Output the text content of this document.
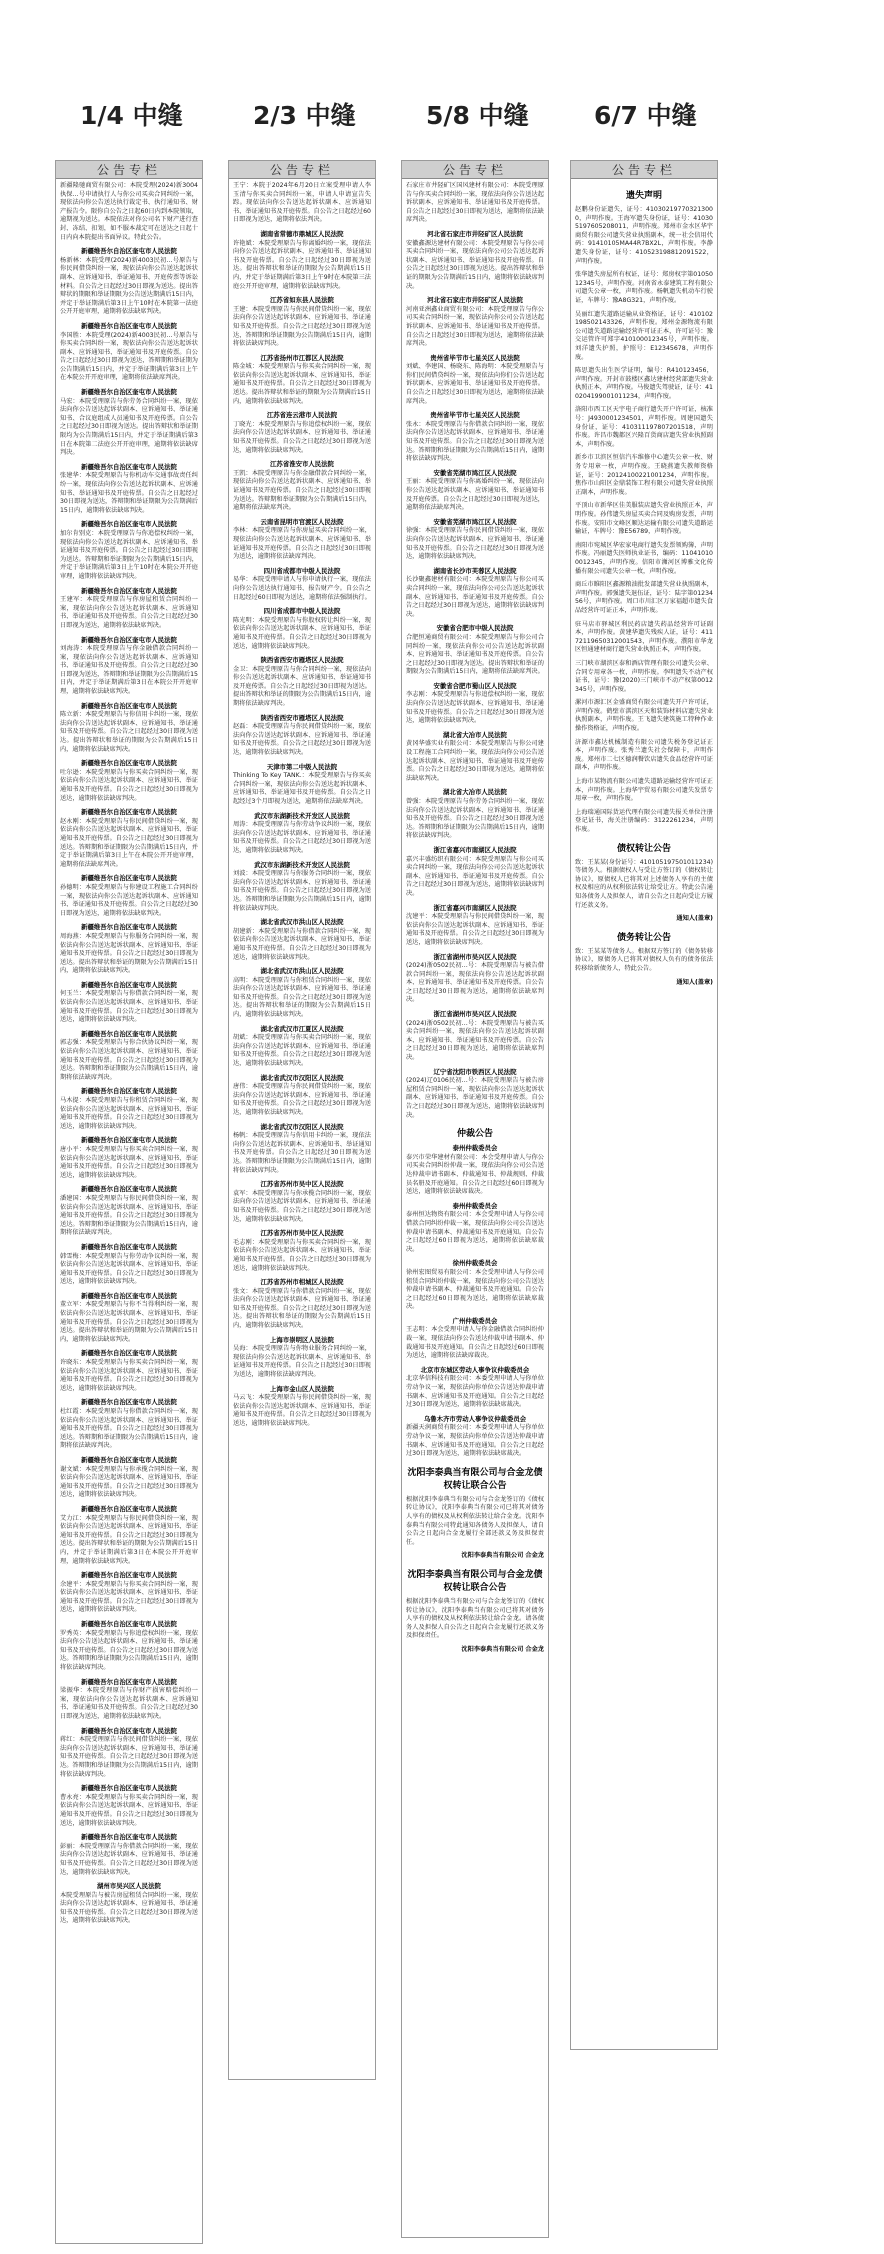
1/4 中缝	2/3 中缝	5/8 中缝	6/7 中缝
公告专栏

新疆隆驰商贸有限公司：本院受理(2024)新3004执保…号申请执行人与你公司买卖合同纠纷一案，现依法向你公告送达执行裁定书、执行通知书、财产报告令。限你自公告之日起60日内到本院领取，逾期视为送达。本院依法对你公司名下财产进行查封、冻结、扣划，如不服本裁定可在送达之日起十日内向本院提出书面异议。特此公告。

新疆维吾尔自治区奎屯市人民法院

杨新林：本院受理(2024)新4003民初…号原告与你民间借贷纠纷一案，现依法向你公告送达起诉状副本、应诉通知书、举证通知书、开庭传票等诉讼材料。自公告之日起经过30日即视为送达。提出答辩状的期限和举证期限为公告送达期满后15日内，并定于举证期满后第3日上午10时在本院第一法庭公开开庭审理，逾期将依法缺席判决。

新疆维吾尔自治区奎屯市人民法院

李国胜：本院受理(2024)新4003民初…号原告与你买卖合同纠纷一案，现依法向你公告送达起诉状副本、应诉通知书、举证通知书及开庭传票。自公告之日起经过30日即视为送达，答辩期和举证期为公告期满后15日内，并定于举证期满后第3日上午在本院公开开庭审理，逾期将依法缺席判决。

新疆维吾尔自治区奎屯市人民法院

马宏：本院受理原告与你劳务合同纠纷一案，现依法向你公告送达起诉状副本、应诉通知书、举证通知书、合议庭组成人员通知书及开庭传票。自公告之日起经过30日即视为送达。提出答辩状和举证期限均为公告期满后15日内，并定于举证期满后第3日在本院第二法庭公开开庭审理，逾期将依法缺席判决。

新疆维吾尔自治区奎屯市人民法院

张建华：本院受理原告与你机动车交通事故责任纠纷一案，现依法向你公告送达起诉状副本、应诉通知书、举证通知书及开庭传票。自公告之日起经过30日即视为送达，答辩期和举证期限为公告期满后15日内，逾期将依法缺席判决。

新疆维吾尔自治区奎屯市人民法院

加尔肯别克：本院受理原告与你追偿权纠纷一案，现依法向你公告送达起诉状副本、应诉通知书、举证通知书及开庭传票。自公告之日起经过30日即视为送达。答辩期和举证期限为公告期满后15日内，并定于举证期满后第3日上午10时在本院公开开庭审理，逾期将依法缺席判决。

新疆维吾尔自治区奎屯市人民法院

王建军：本院受理原告与你房屋租赁合同纠纷一案，现依法向你公告送达起诉状副本、应诉通知书、举证通知书及开庭传票。自公告之日起经过30日即视为送达，逾期将依法缺席判决。

新疆维吾尔自治区奎屯市人民法院

刘海涛：本院受理原告与你金融借款合同纠纷一案，现依法向你公告送达起诉状副本、应诉通知书、举证通知书及开庭传票。自公告之日起经过30日即视为送达，答辩期和举证期限为公告期满后15日内，并定于举证期满后第3日在本院公开开庭审理，逾期将依法缺席判决。

新疆维吾尔自治区奎屯市人民法院

陈立新：本院受理原告与你信用卡纠纷一案，现依法向你公告送达起诉状副本、应诉通知书、举证通知书及开庭传票。自公告之日起经过30日即视为送达。提出答辩状和举证的期限为公告期满后15日内，逾期将依法缺席判决。

新疆维吾尔自治区奎屯市人民法院

吐尔逊：本院受理原告与你买卖合同纠纷一案，现依法向你公告送达起诉状副本、应诉通知书、举证通知书及开庭传票。自公告之日起经过30日即视为送达，逾期将依法缺席判决。

新疆维吾尔自治区奎屯市人民法院

赵永刚：本院受理原告与你民间借贷纠纷一案，现依法向你公告送达起诉状副本、应诉通知书、举证通知书及开庭传票。自公告之日起经过30日即视为送达。答辩期和举证期限为公告期满后15日内，并定于举证期满后第3日上午在本院公开开庭审理，逾期将依法缺席判决。

新疆维吾尔自治区奎屯市人民法院

孙德明：本院受理原告与你建设工程施工合同纠纷一案，现依法向你公告送达起诉状副本、应诉通知书、举证通知书及开庭传票。自公告之日起经过30日即视为送达，逾期将依法缺席判决。

新疆维吾尔自治区奎屯市人民法院

周海燕：本院受理原告与你服务合同纠纷一案，现依法向你公告送达起诉状副本、应诉通知书、举证通知书及开庭传票。自公告之日起经过30日即视为送达。提出答辩状和举证的期限为公告期满后15日内，逾期将依法缺席判决。

新疆维吾尔自治区奎屯市人民法院

何玉兰：本院受理原告与你借款合同纠纷一案，现依法向你公告送达起诉状副本、应诉通知书、举证通知书及开庭传票。自公告之日起经过30日即视为送达，逾期将依法缺席判决。

新疆维吾尔自治区奎屯市人民法院

郭志强：本院受理原告与你合伙协议纠纷一案，现依法向你公告送达起诉状副本、应诉通知书、举证通知书及开庭传票。自公告之日起经过30日即视为送达。答辩期和举证期限为公告期满后15日内，逾期将依法缺席判决。

新疆维吾尔自治区奎屯市人民法院

马木提：本院受理原告与你租赁合同纠纷一案，现依法向你公告送达起诉状副本、应诉通知书、举证通知书及开庭传票。自公告之日起经过30日即视为送达，逾期将依法缺席判决。

新疆维吾尔自治区奎屯市人民法院

唐小平：本院受理原告与你买卖合同纠纷一案，现依法向你公告送达起诉状副本、应诉通知书、举证通知书及开庭传票。自公告之日起经过30日即视为送达，逾期将依法缺席判决。

新疆维吾尔自治区奎屯市人民法院

潘建国：本院受理原告与你民间借贷纠纷一案，现依法向你公告送达起诉状副本、应诉通知书、举证通知书及开庭传票。自公告之日起经过30日即视为送达。答辩期和举证期限为公告期满后15日内，逾期将依法缺席判决。

新疆维吾尔自治区奎屯市人民法院

韩雪梅：本院受理原告与你劳动争议纠纷一案，现依法向你公告送达起诉状副本、应诉通知书、举证通知书及开庭传票。自公告之日起经过30日即视为送达，逾期将依法缺席判决。

新疆维吾尔自治区奎屯市人民法院

董立军：本院受理原告与你不当得利纠纷一案，现依法向你公告送达起诉状副本、应诉通知书、举证通知书及开庭传票。自公告之日起经过30日即视为送达。提出答辩状和举证的期限为公告期满后15日内，逾期将依法缺席判决。

新疆维吾尔自治区奎屯市人民法院

许晓东：本院受理原告与你买卖合同纠纷一案，现依法向你公告送达起诉状副本、应诉通知书、举证通知书及开庭传票。自公告之日起经过30日即视为送达，逾期将依法缺席判决。

新疆维吾尔自治区奎屯市人民法院

杜红霞：本院受理原告与你借款合同纠纷一案，现依法向你公告送达起诉状副本、应诉通知书、举证通知书及开庭传票。自公告之日起经过30日即视为送达。答辩期和举证期限为公告期满后15日内，逾期将依法缺席判决。

新疆维吾尔自治区奎屯市人民法院

谢文斌：本院受理原告与你承揽合同纠纷一案，现依法向你公告送达起诉状副本、应诉通知书、举证通知书及开庭传票。自公告之日起经过30日即视为送达，逾期将依法缺席判决。

新疆维吾尔自治区奎屯市人民法院

艾力江：本院受理原告与你民间借贷纠纷一案，现依法向你公告送达起诉状副本、应诉通知书、举证通知书及开庭传票。自公告之日起经过30日即视为送达。提出答辩状和举证的期限为公告期满后15日内，并定于举证期满后第3日在本院公开开庭审理，逾期将依法缺席判决。

新疆维吾尔自治区奎屯市人民法院

余建平：本院受理原告与你买卖合同纠纷一案，现依法向你公告送达起诉状副本、应诉通知书、举证通知书及开庭传票。自公告之日起经过30日即视为送达，逾期将依法缺席判决。

新疆维吾尔自治区奎屯市人民法院

罗秀英：本院受理原告与你追偿权纠纷一案，现依法向你公告送达起诉状副本、应诉通知书、举证通知书及开庭传票。自公告之日起经过30日即视为送达。答辩期和举证期限为公告期满后15日内，逾期将依法缺席判决。

新疆维吾尔自治区奎屯市人民法院

梁振华：本院受理原告与你财产损害赔偿纠纷一案，现依法向你公告送达起诉状副本、应诉通知书、举证通知书及开庭传票。自公告之日起经过30日即视为送达，逾期将依法缺席判决。

新疆维吾尔自治区奎屯市人民法院

蒋红：本院受理原告与你民间借贷纠纷一案，现依法向你公告送达起诉状副本、应诉通知书、举证通知书及开庭传票。自公告之日起经过30日即视为送达。答辩期和举证期限为公告期满后15日内，逾期将依法缺席判决。

新疆维吾尔自治区奎屯市人民法院

曹永亮：本院受理原告与你买卖合同纠纷一案，现依法向你公告送达起诉状副本、应诉通知书、举证通知书及开庭传票。自公告之日起经过30日即视为送达，逾期将依法缺席判决。

新疆维吾尔自治区奎屯市人民法院

彭丽：本院受理原告与你借款合同纠纷一案，现依法向你公告送达起诉状副本、应诉通知书、举证通知书及开庭传票。自公告之日起经过30日即视为送达，逾期将依法缺席判决。

湖州市吴兴区人民法院

本院受理原告与被告房屋租赁合同纠纷一案，现依法向你公告送达起诉状副本、应诉通知书、举证通知书及开庭传票。自公告之日起经过30日即视为送达，逾期将依法缺席判决。

公告专栏

王宁：本院于2024年6月20日立案受理申请人李玉清与你买卖合同纠纷一案，申请人申请宣告失踪。现依法向你公告送达起诉状副本、应诉通知书、举证通知书及开庭传票。自公告之日起经过60日即视为送达，逾期将依法判决。

湖南省常德市鼎城区人民法院

许艳斌：本院受理原告与你离婚纠纷一案，现依法向你公告送达起诉状副本、应诉通知书、举证通知书及开庭传票。自公告之日起经过30日即视为送达。提出答辩状和举证的期限为公告期满后15日内，并定于举证期满后第3日上午9时在本院第三法庭公开开庭审理，逾期将依法缺席判决。

江苏省如东县人民法院

王建：本院受理原告与你民间借贷纠纷一案，现依法向你公告送达起诉状副本、应诉通知书、举证通知书及开庭传票。自公告之日起经过30日即视为送达，答辩期和举证期限为公告期满后15日内，逾期将依法缺席判决。

江苏省扬州市江都区人民法院

陈金城：本院受理原告与你买卖合同纠纷一案，现依法向你公告送达起诉状副本、应诉通知书、举证通知书及开庭传票。自公告之日起经过30日即视为送达。提出答辩状和举证的期限为公告期满后15日内，逾期将依法缺席判决。

江苏省连云港市人民法院

丁晓光：本院受理原告与你追偿权纠纷一案，现依法向你公告送达起诉状副本、应诉通知书、举证通知书及开庭传票。自公告之日起经过30日即视为送达，逾期将依法缺席判决。

江苏省淮安市人民法院

王凯：本院受理原告与你金融借款合同纠纷一案，现依法向你公告送达起诉状副本、应诉通知书、举证通知书及开庭传票。自公告之日起经过30日即视为送达。答辩期和举证期限为公告期满后15日内，逾期将依法缺席判决。

云南省昆明市官渡区人民法院

李林：本院受理原告与你房屋买卖合同纠纷一案，现依法向你公告送达起诉状副本、应诉通知书、举证通知书及开庭传票。自公告之日起经过30日即视为送达，逾期将依法缺席判决。

四川省成都市中级人民法院

易华：本院受理申请人与你申请执行一案，现依法向你公告送达执行通知书、报告财产令。自公告之日起经过60日即视为送达，逾期将依法强制执行。

四川省成都市中级人民法院

陈光明：本院受理原告与你股权转让纠纷一案，现依法向你公告送达起诉状副本、应诉通知书、举证通知书及开庭传票。自公告之日起经过30日即视为送达，逾期将依法缺席判决。

陕西省西安市雁塔区人民法院

金卫：本院受理原告与你合同纠纷一案，现依法向你公告送达起诉状副本、应诉通知书、举证通知书及开庭传票。自公告之日起经过30日即视为送达。提出答辩状和举证的期限为公告期满后15日内，逾期将依法缺席判决。

陕西省西安市雁塔区人民法院

赵磊：本院受理原告与你民间借贷纠纷一案，现依法向你公告送达起诉状副本、应诉通知书、举证通知书及开庭传票。自公告之日起经过30日即视为送达，逾期将依法缺席判决。

天津市第二中级人民法院

Thinking To Key TANK.：本院受理原告与你买卖合同纠纷一案，现依法向你公告送达起诉状副本、应诉通知书、举证通知书及开庭传票。自公告之日起经过3个月即视为送达，逾期将依法缺席判决。

武汉市东湖新技术开发区人民法院

周涛：本院受理原告与你劳动争议纠纷一案，现依法向你公告送达起诉状副本、应诉通知书、举证通知书及开庭传票。自公告之日起经过30日即视为送达，逾期将依法缺席判决。

武汉市东湖新技术开发区人民法院

刘波：本院受理原告与你服务合同纠纷一案，现依法向你公告送达起诉状副本、应诉通知书、举证通知书及开庭传票。自公告之日起经过30日即视为送达。答辩期和举证期限为公告期满后15日内，逾期将依法缺席判决。

湖北省武汉市洪山区人民法院

胡建新：本院受理原告与你借款合同纠纷一案，现依法向你公告送达起诉状副本、应诉通知书、举证通知书及开庭传票。自公告之日起经过30日即视为送达，逾期将依法缺席判决。

湖北省武汉市洪山区人民法院

高明：本院受理原告与你租赁合同纠纷一案，现依法向你公告送达起诉状副本、应诉通知书、举证通知书及开庭传票。自公告之日起经过30日即视为送达。提出答辩状和举证的期限为公告期满后15日内，逾期将依法缺席判决。

湖北省武汉市江夏区人民法院

胡斌：本院受理原告与你买卖合同纠纷一案，现依法向你公告送达起诉状副本、应诉通知书、举证通知书及开庭传票。自公告之日起经过30日即视为送达，逾期将依法缺席判决。

湖北省武汉市汉阳区人民法院

唐伟：本院受理原告与你民间借贷纠纷一案，现依法向你公告送达起诉状副本、应诉通知书、举证通知书及开庭传票。自公告之日起经过30日即视为送达，逾期将依法缺席判决。

湖北省武汉市汉阳区人民法院

杨帆：本院受理原告与你信用卡纠纷一案，现依法向你公告送达起诉状副本、应诉通知书、举证通知书及开庭传票。自公告之日起经过30日即视为送达。答辩期和举证期限为公告期满后15日内，逾期将依法缺席判决。

江苏省苏州市吴中区人民法院

袁军：本院受理原告与你承揽合同纠纷一案，现依法向你公告送达起诉状副本、应诉通知书、举证通知书及开庭传票。自公告之日起经过30日即视为送达，逾期将依法缺席判决。

江苏省苏州市吴中区人民法院

毛志刚：本院受理原告与你买卖合同纠纷一案，现依法向你公告送达起诉状副本、应诉通知书、举证通知书及开庭传票。自公告之日起经过30日即视为送达，逾期将依法缺席判决。

江苏省苏州市相城区人民法院

张文：本院受理原告与你借款合同纠纷一案，现依法向你公告送达起诉状副本、应诉通知书、举证通知书及开庭传票。自公告之日起经过30日即视为送达。提出答辩状和举证的期限为公告期满后15日内，逾期将依法缺席判决。

上海市崇明区人民法院

吴海：本院受理原告与你物业服务合同纠纷一案，现依法向你公告送达起诉状副本、应诉通知书、举证通知书及开庭传票。自公告之日起经过30日即视为送达，逾期将依法缺席判决。

上海市金山区人民法院

马云飞：本院受理原告与你民间借贷纠纷一案，现依法向你公告送达起诉状副本、应诉通知书、举证通知书及开庭传票。自公告之日起经过30日即视为送达，逾期将依法缺席判决。

公告专栏

石家庄市井陉矿区国风建材有限公司：本院受理原告与你买卖合同纠纷一案，现依法向你公告送达起诉状副本、应诉通知书、举证通知书及开庭传票。自公告之日起经过30日即视为送达，逾期将依法缺席判决。

河北省石家庄市井陉矿区人民法院

安徽鑫源达建材有限公司：本院受理原告与你公司买卖合同纠纷一案，现依法向你公司公告送达起诉状副本、应诉通知书、举证通知书及开庭传票。自公告之日起经过30日即视为送达。提出答辩状和举证的期限为公告期满后15日内，逾期将依法缺席判决。

河北省石家庄市井陉矿区人民法院

河南亚洲鑫业商贸有限公司：本院受理原告与你公司买卖合同纠纷一案，现依法向你公司公告送达起诉状副本、应诉通知书、举证通知书及开庭传票。自公告之日起经过30日即视为送达，逾期将依法缺席判决。

贵州省毕节市七星关区人民法院

刘斌、李建国、杨晓东、陈海明：本院受理原告与你们民间借贷纠纷一案，现依法向你们公告送达起诉状副本、应诉通知书、举证通知书及开庭传票。自公告之日起经过30日即视为送达，逾期将依法缺席判决。

贵州省毕节市七星关区人民法院

张永：本院受理原告与你借款合同纠纷一案，现依法向你公告送达起诉状副本、应诉通知书、举证通知书及开庭传票。自公告之日起经过30日即视为送达。答辩期和举证期限为公告期满后15日内，逾期将依法缺席判决。

安徽省芜湖市鸠江区人民法院

王丽：本院受理原告与你离婚纠纷一案，现依法向你公告送达起诉状副本、应诉通知书、举证通知书及开庭传票。自公告之日起经过30日即视为送达，逾期将依法缺席判决。

安徽省芜湖市鸠江区人民法院

徐强：本院受理原告与你民间借贷纠纷一案，现依法向你公告送达起诉状副本、应诉通知书、举证通知书及开庭传票。自公告之日起经过30日即视为送达，逾期将依法缺席判决。

湖南省长沙市芙蓉区人民法院

长沙聚鑫建材有限公司：本院受理原告与你公司买卖合同纠纷一案，现依法向你公司公告送达起诉状副本、应诉通知书、举证通知书及开庭传票。自公告之日起经过30日即视为送达，逾期将依法缺席判决。

安徽省合肥市中级人民法院

合肥恒通商贸有限公司：本院受理原告与你公司合同纠纷一案，现依法向你公司公告送达起诉状副本、应诉通知书、举证通知书及开庭传票。自公告之日起经过30日即视为送达。提出答辩状和举证的期限为公告期满后15日内，逾期将依法缺席判决。

安徽省合肥市蜀山区人民法院

李志刚：本院受理原告与你追偿权纠纷一案，现依法向你公告送达起诉状副本、应诉通知书、举证通知书及开庭传票。自公告之日起经过30日即视为送达，逾期将依法缺席判决。

湖北省大冶市人民法院

黄冈华盛实业有限公司：本院受理原告与你公司建设工程施工合同纠纷一案，现依法向你公司公告送达起诉状副本、应诉通知书、举证通知书及开庭传票。自公告之日起经过30日即视为送达，逾期将依法缺席判决。

湖北省大冶市人民法院

曾强：本院受理原告与你劳务合同纠纷一案，现依法向你公告送达起诉状副本、应诉通知书、举证通知书及开庭传票。自公告之日起经过30日即视为送达。答辩期和举证期限为公告期满后15日内，逾期将依法缺席判决。

浙江省嘉兴市南湖区人民法院

嘉兴丰盛纺织有限公司：本院受理原告与你公司买卖合同纠纷一案，现依法向你公司公告送达起诉状副本、应诉通知书、举证通知书及开庭传票。自公告之日起经过30日即视为送达，逾期将依法缺席判决。

浙江省嘉兴市南湖区人民法院

沈建平：本院受理原告与你民间借贷纠纷一案，现依法向你公告送达起诉状副本、应诉通知书、举证通知书及开庭传票。自公告之日起经过30日即视为送达，逾期将依法缺席判决。

浙江省湖州市吴兴区人民法院

(2024)浙0502民初…号：本院受理原告与被告借款合同纠纷一案，现依法向你公告送达起诉状副本、应诉通知书、举证通知书及开庭传票。自公告之日起经过30日即视为送达，逾期将依法缺席判决。

浙江省湖州市吴兴区人民法院

(2024)浙0502民初…号：本院受理原告与被告买卖合同纠纷一案，现依法向你公告送达起诉状副本、应诉通知书、举证通知书及开庭传票。自公告之日起经过30日即视为送达，逾期将依法缺席判决。

辽宁省沈阳市铁西区人民法院

(2024)辽0106民初…号：本院受理原告与被告房屋租赁合同纠纷一案，现依法向你公告送达起诉状副本、应诉通知书、举证通知书及开庭传票。自公告之日起经过30日即视为送达，逾期将依法缺席判决。

仲裁公告
泰州仲裁委员会

泰兴市荣华建材有限公司：本会受理申请人与你公司买卖合同纠纷仲裁一案，现依法向你公司公告送达仲裁申请书副本、仲裁通知书、仲裁规则、仲裁员名册及开庭通知。自公告之日起经过60日即视为送达，逾期将依法缺席裁决。

泰州仲裁委员会

泰州恒达物资有限公司：本会受理申请人与你公司借款合同纠纷仲裁一案，现依法向你公司公告送达仲裁申请书副本、仲裁通知书及开庭通知。自公告之日起经过60日即视为送达，逾期将依法缺席裁决。

徐州仲裁委员会

徐州宏图贸易有限公司：本会受理申请人与你公司租赁合同纠纷仲裁一案，现依法向你公司公告送达仲裁申请书副本、仲裁通知书及开庭通知。自公告之日起经过60日即视为送达，逾期将依法缺席裁决。

广州仲裁委员会

王志明：本会受理申请人与你金融借款合同纠纷仲裁一案，现依法向你公告送达仲裁申请书副本、仲裁通知书及开庭通知。自公告之日起经过60日即视为送达，逾期将依法缺席裁决。

北京市东城区劳动人事争议仲裁委员会

北京华信科技有限公司：本委受理申请人与你单位劳动争议一案，现依法向你单位公告送达仲裁申请书副本、应诉通知书及开庭通知。自公告之日起经过30日即视为送达，逾期将依法缺席裁决。

乌鲁木齐市劳动人事争议仲裁委员会

新疆天润商贸有限公司：本委受理申请人与你单位劳动争议一案，现依法向你单位公告送达仲裁申请书副本、应诉通知书及开庭通知。自公告之日起经过30日即视为送达，逾期将依法缺席裁决。

沈阳李泰典当有限公司与合金龙债权转让联合公告

根据沈阳李泰典当有限公司与合金龙签订的《债权转让协议》，沈阳李泰典当有限公司已将其对债务人享有的债权及从权利依法转让给合金龙。沈阳李泰典当有限公司特此通知各债务人及担保人，请自公告之日起向合金龙履行全部还款义务及担保责任。

沈阳李泰典当有限公司 合金龙
沈阳李泰典当有限公司与合金龙债权转让联合公告

根据沈阳李泰典当有限公司与合金龙签订的《债权转让协议》，沈阳李泰典当有限公司已将其对债务人享有的债权及从权利依法转让给合金龙。请各债务人及担保人自公告之日起向合金龙履行还款义务及担保责任。

沈阳李泰典当有限公司 合金龙
公告专栏
遗失声明

赵鹏身份证遗失，证号：410302197703213000，声明作废。王海军遗失身份证，证号：410305197605208011，声明作废。郑州市金水区华宇商贸有限公司遗失营业执照副本，统一社会信用代码：91410105MA44R7BX2L，声明作废。李静遗失身份证，证号：410523198812091522，声明作废。

张华遗失房屋所有权证，证号：郑房权字第0105012345号，声明作废。河南省永泰建筑工程有限公司遗失公章一枚，声明作废。杨帆遗失机动车行驶证，车牌号：豫A8G321，声明作废。

吴丽红遗失道路运输从业资格证，证号：410102198502143326，声明作废。郑州金源物流有限公司遗失道路运输经营许可证正本，许可证号：豫交运管许可郑字410100012345号，声明作废。刘洋遗失护照，护照号：E12345678，声明作废。

陈思遗失出生医学证明，编号：R410123456，声明作废。开封市鼓楼区鑫达建材经营部遗失营业执照正本，声明作废。马俊遗失驾驶证，证号：410204199001011234，声明作废。

洛阳市西工区天宇电子商行遗失开户许可证，核准号：J4930001234501，声明作废。周建国遗失身份证，证号：410311197807201518，声明作废。许昌市魏都区兴隆百货商店遗失营业执照副本，声明作废。

新乡市卫滨区恒信汽车维修中心遗失公章一枚、财务专用章一枚，声明作废。王晓燕遗失教师资格证，证号：20124100221001234，声明作废。焦作市山阳区金鼎装饰工程有限公司遗失营业执照正副本，声明作废。

平顶山市新华区佳美服装店遗失营业执照正本，声明作废。孙伟遗失房屋买卖合同及购房发票，声明作废。安阳市文峰区顺达运输有限公司遗失道路运输证，车牌号：豫E56789，声明作废。

南阳市宛城区华宏家电商行遗失发票领购簿，声明作废。冯丽遗失医师执业证书，编码：110410100012345，声明作废。信阳市浉河区博雅文化传播有限公司遗失公章一枚，声明作废。

商丘市睢阳区鑫源粮油批发部遗失营业执照副本，声明作废。郭强遗失退伍证，证号：陆字第0123456号，声明作废。周口市川汇区万家福超市遗失食品经营许可证正本，声明作废。

驻马店市驿城区利民药店遗失药品经营许可证副本，声明作废。黄建华遗失残疾人证，证号：41172119650312001543，声明作废。濮阳市华龙区恒通建材商行遗失营业执照正本，声明作废。

三门峡市湖滨区泰和酒店管理有限公司遗失公章、合同专用章各一枚，声明作废。李明遗失不动产权证书，证号：豫(2020)三门峡市不动产权第0012345号，声明作废。

漯河市源汇区金盛商贸有限公司遗失开户许可证，声明作废。鹤壁市淇滨区天和装饰材料店遗失营业执照副本，声明作废。王飞遗失建筑施工特种作业操作资格证，声明作废。

济源市鑫达机械制造有限公司遗失税务登记证正本，声明作废。张秀兰遗失社会保障卡，声明作废。郑州市二七区德润餐饮店遗失食品经营许可证副本，声明作废。

上海市某物流有限公司遗失道路运输经营许可证正本，声明作废。上海华宇贸易有限公司遗失发票专用章一枚，声明作废。

上海瑞通国际货运代理有限公司遗失报关单位注册登记证书，海关注册编码：3122261234，声明作废。

债权转让公告

致：王某某(身份证号：410105197501011234)等债务人。根据债权人与受让方签订的《债权转让协议》，原债权人已将其对上述债务人享有的主债权及相应的从权利依法转让给受让方。特此公告通知各债务人及担保人，请自公告之日起向受让方履行还款义务。

通知人(盖章)
债务转让公告

致：王某某等债务人。根据双方签订的《债务转移协议》，原债务人已将其对债权人负有的债务依法转移给新债务人，特此公告。

通知人(盖章)
